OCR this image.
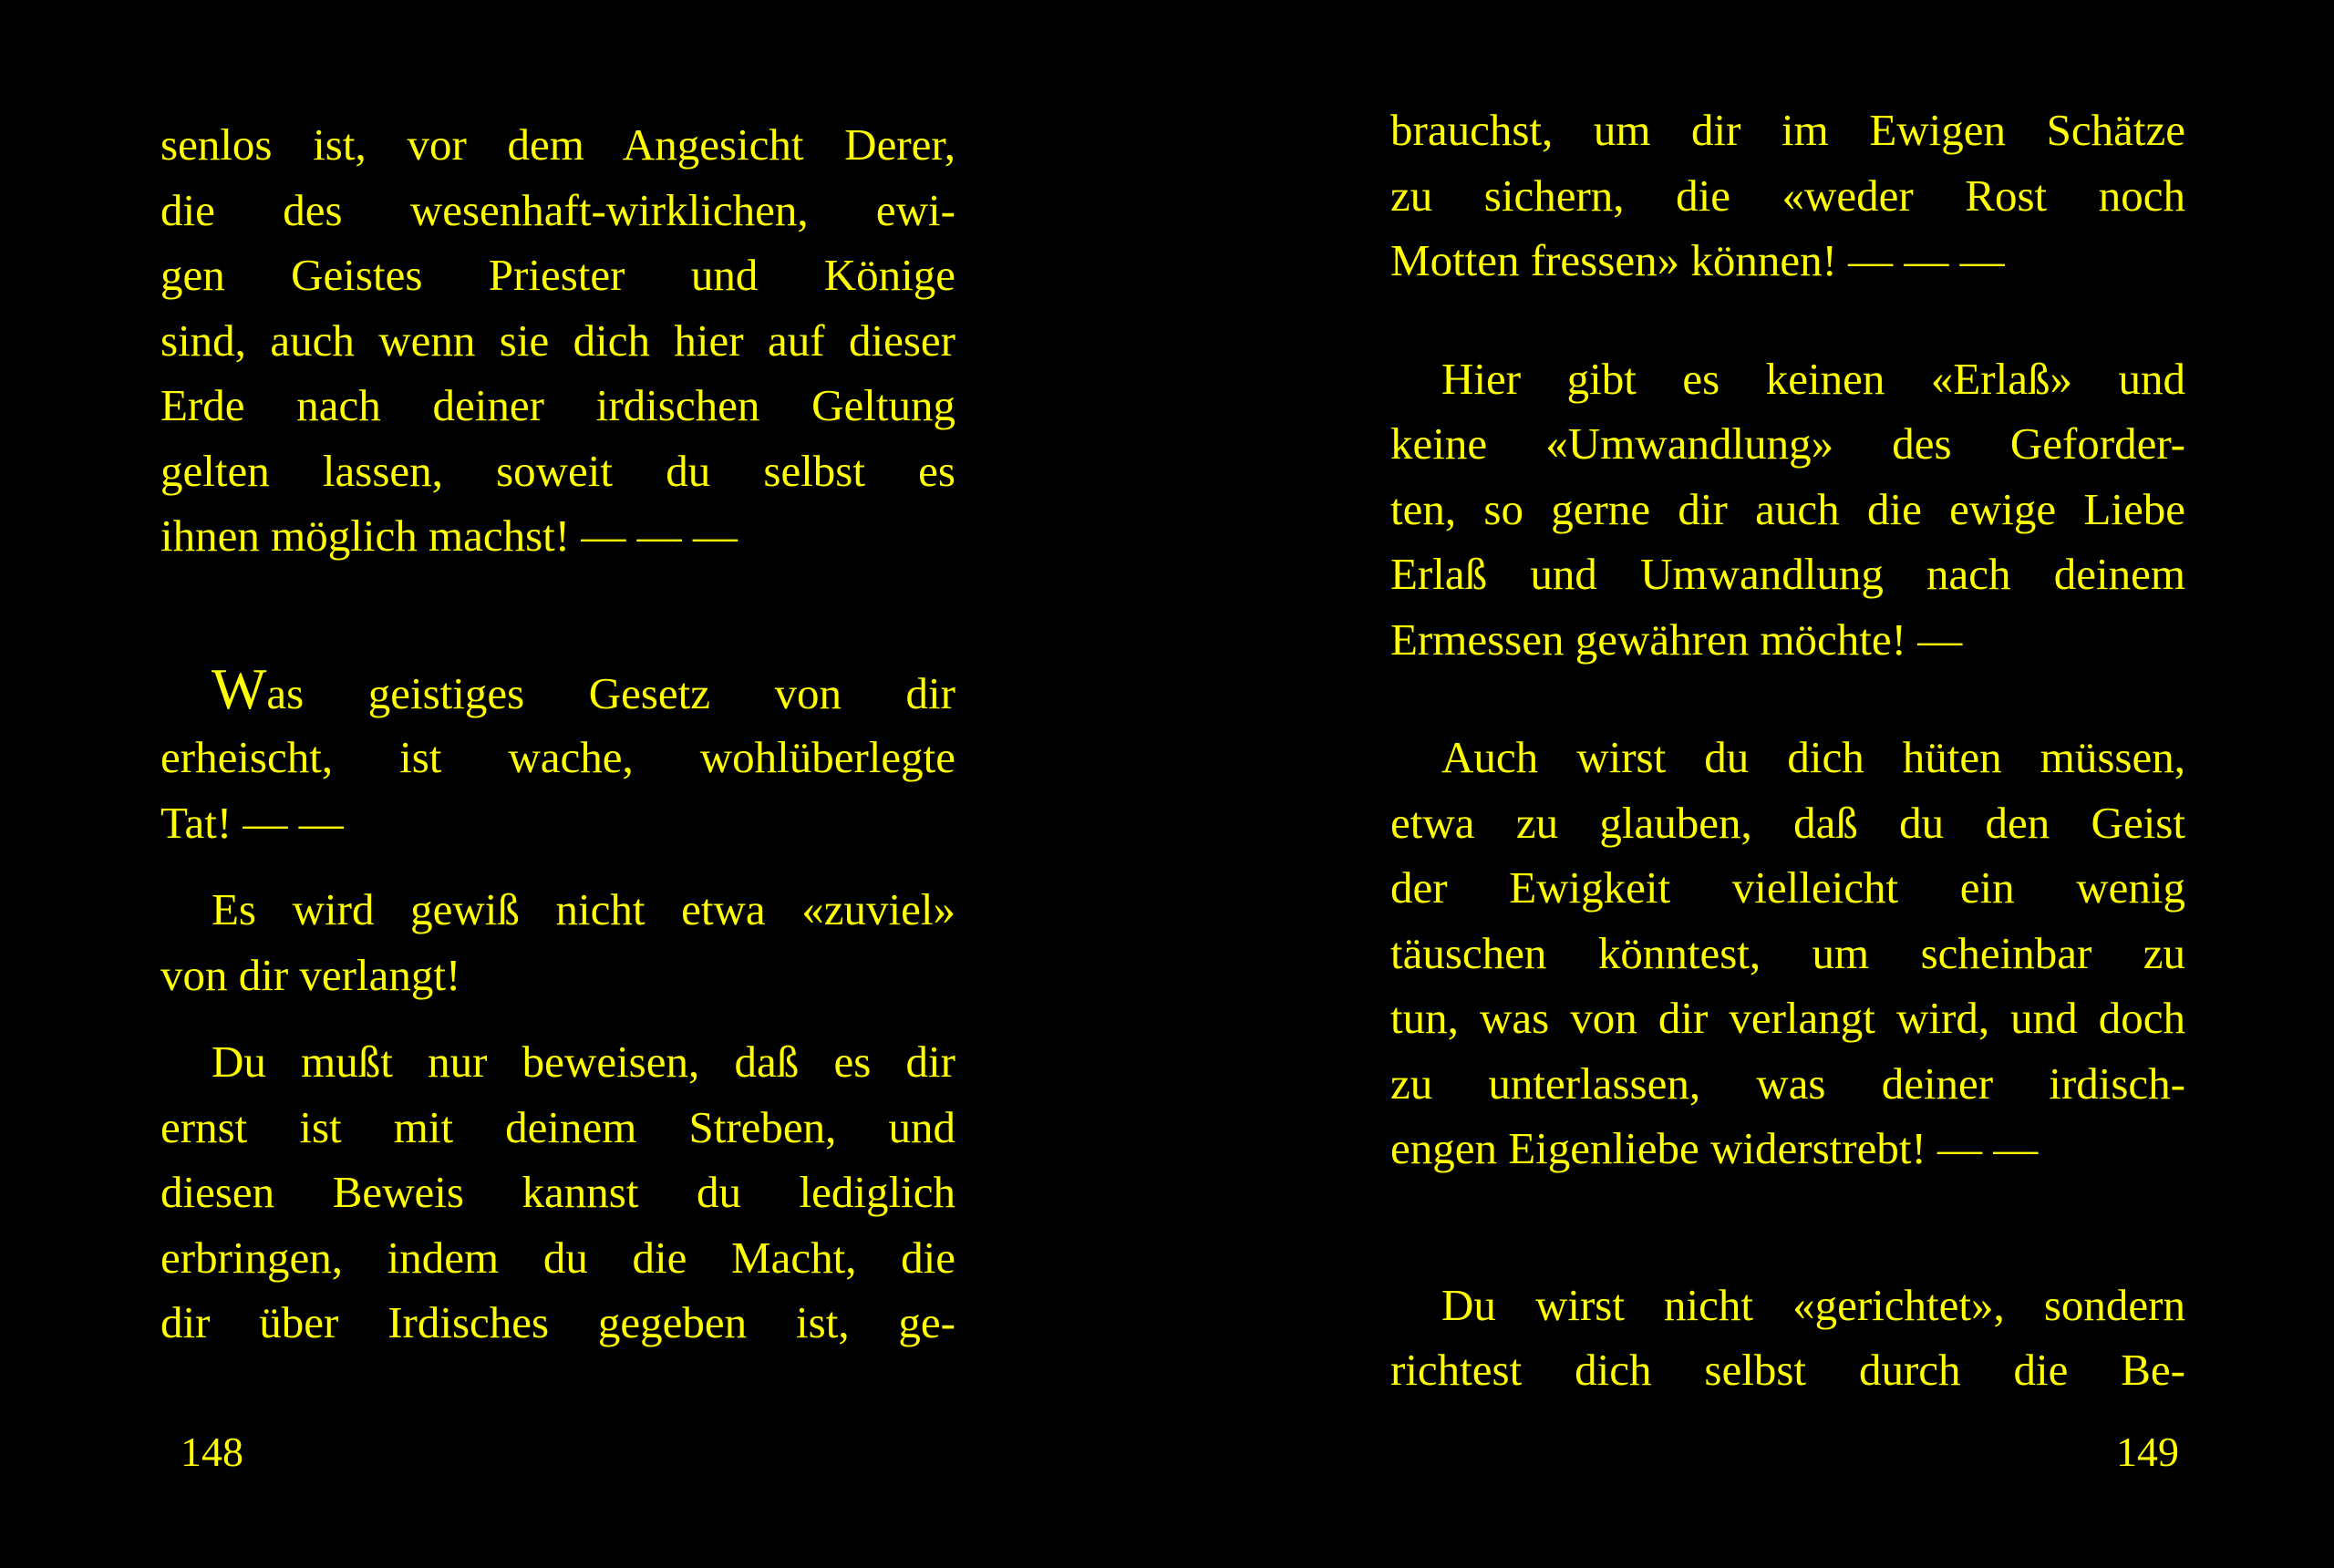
senlos ist, vor dem Angesicht Derer,
die des wesenhaft-wirklichen, ewi-
gen Geistes Priester und Könige
sind, auch wenn sie dich hier auf dieser
Erde nach deiner irdischen Geltung
gelten lassen, soweit du selbst es
ihnen möglich machst! — — —

Was geistiges Gesetz von dir
erheischt, ist wache, wohlüberlegte
Tat! — —

Es wird gewiß nicht etwa «zuviel»
von dir verlangt!

Du mußt nur beweisen, daß es dir
ernst ist mit deinem Streben, und
diesen Beweis kannst du lediglich
erbringen, indem du die Macht, die
dir über Irdisches gegeben ist, ge-

148

brauchst, um dir im Ewigen Schätze
zu sichern, die «weder Rost noch
Motten fressen» können! — — —

Hier gibt es keinen «Erlaß» und
keine «Umwandlung» des Geforder-
ten, so gerne dir auch die ewige Liebe
Erlaß und Umwandlung nach deinem
Ermessen gewähren möchte! —

Auch wirst du dich hüten müssen,
etwa zu glauben, daß du den Geist
der Ewigkeit vielleicht ein wenig
täuschen könntest, um scheinbar zu
tun, was von dir verlangt wird, und doch
zu unterlassen, was deiner irdisch-
engen Eigenliebe widerstrebt! — —

Du wirst nicht «gerichtet», sondern
richtest dich selbst durch die Be-

149
